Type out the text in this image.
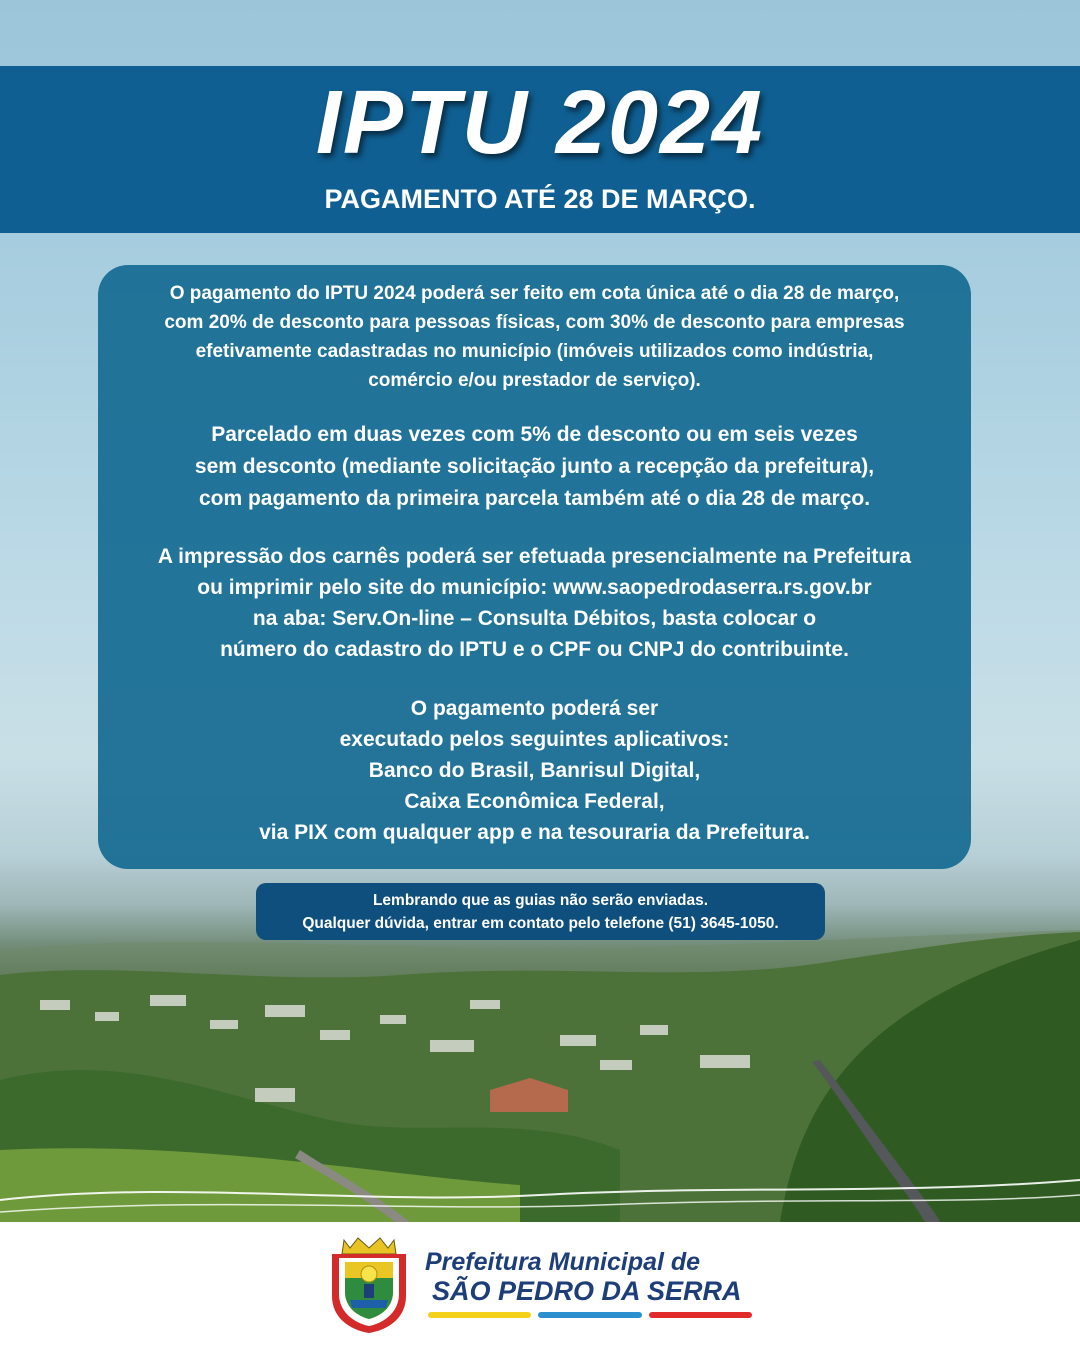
IPTU 2024

PAGAMENTO ATÉ 28 DE MARÇO.

O pagamento do IPTU 2024 poderá ser feito em cota única até o dia 28 de março,
com 20% de desconto para pessoas físicas, com 30% de desconto para empresas
efetivamente cadastradas no município (imóveis utilizados como indústria,
comércio e/ou prestador de serviço).

Parcelado em duas vezes com 5% de desconto ou em seis vezes
sem desconto (mediante solicitação junto a recepção da prefeitura),
com pagamento da primeira parcela também até o dia 28 de março.

A impressão dos carnês poderá ser efetuada presencialmente na Prefeitura
ou imprimir pelo site do município: www.saopedrodaserra.rs.gov.br
na aba: Serv.On-line – Consulta Débitos, basta colocar o
número do cadastro do IPTU e o CPF ou CNPJ do contribuinte.

O pagamento poderá ser
executado pelos seguintes aplicativos:
Banco do Brasil, Banrisul Digital,
Caixa Econômica Federal,
via PIX com qualquer app e na tesouraria da Prefeitura.

Lembrando que as guias não serão enviadas.
Qualquer dúvida, entrar em contato pelo telefone (51) 3645-1050.

Prefeitura Municipal de

SÃO PEDRO DA SERRA
